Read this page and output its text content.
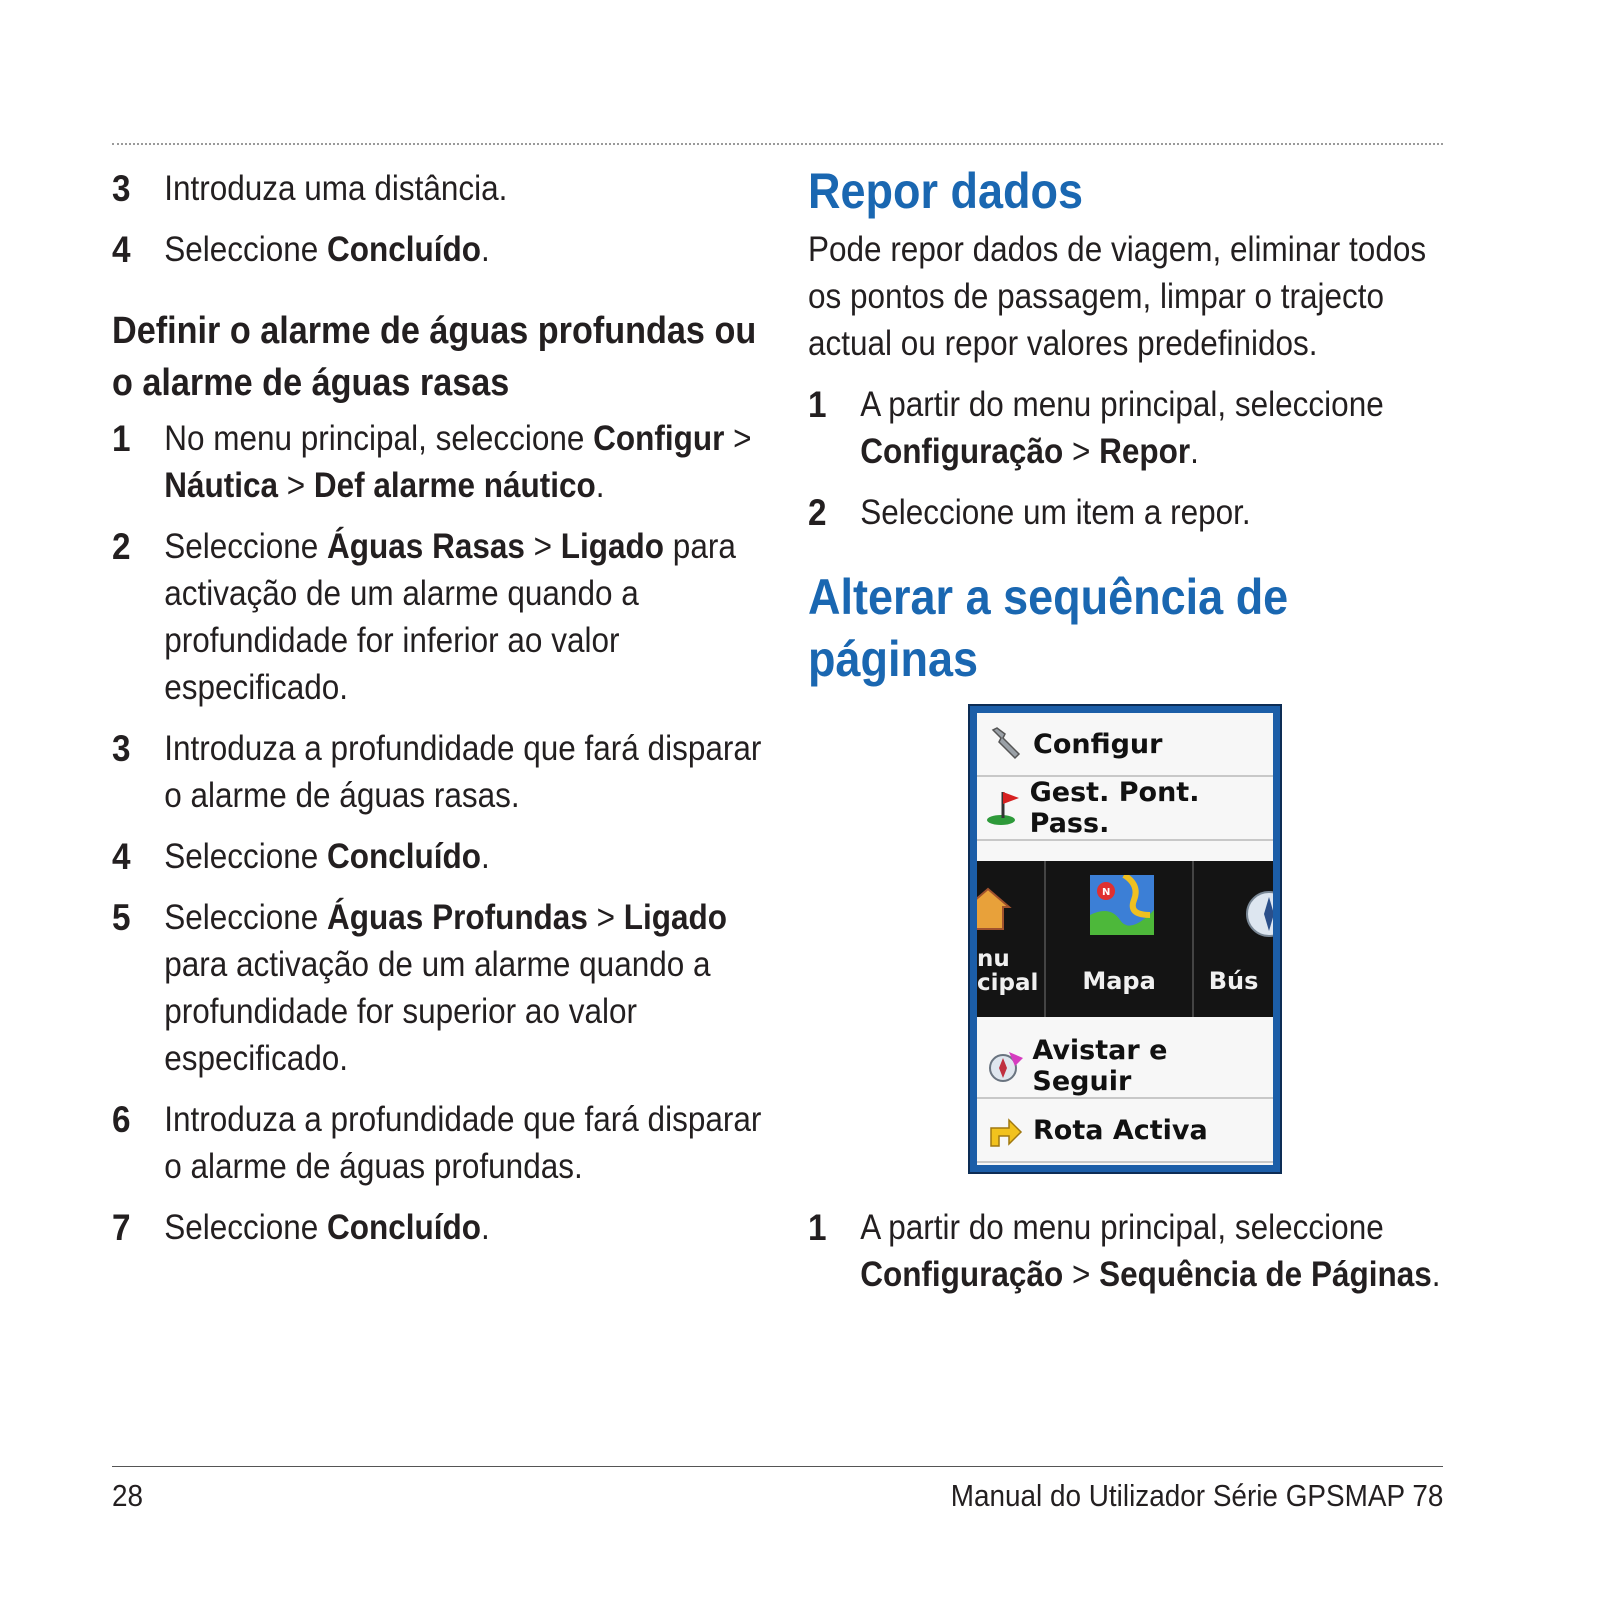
3 Introduza uma distância.
4 Seleccione Concluído.
Definir o alarme de águas profundas ou o alarme de águas rasas
1 No menu principal, seleccione Configur > Náutica > Def alarme náutico.
2 Seleccione Águas Rasas > Ligado para activação de um alarme quando a profundidade for inferior ao valor especificado.
3 Introduza a profundidade que fará disparar o alarme de águas rasas.
4 Seleccione Concluído.
5 Seleccione Águas Profundas > Ligado para activação de um alarme quando a profundidade for superior ao valor especificado.
6 Introduza a profundidade que fará disparar o alarme de águas profundas.
7 Seleccione Concluído.
Repor dados
Pode repor dados de viagem, eliminar todos os pontos de passagem, limpar o trajecto actual ou repor valores predefinidos.
1 A partir do menu principal, seleccione Configuração > Repor.
2 Seleccione um item a repor.
Alterar a sequência de páginas
Configur
Gest. Pont. Pass.
nu
cipal
N
Mapa Bús
Avistar e Seguir
Rota Activa
1 A partir do menu principal, seleccione Configuração > Sequência de Páginas.
28	Manual do Utilizador Série GPSMAP 78
